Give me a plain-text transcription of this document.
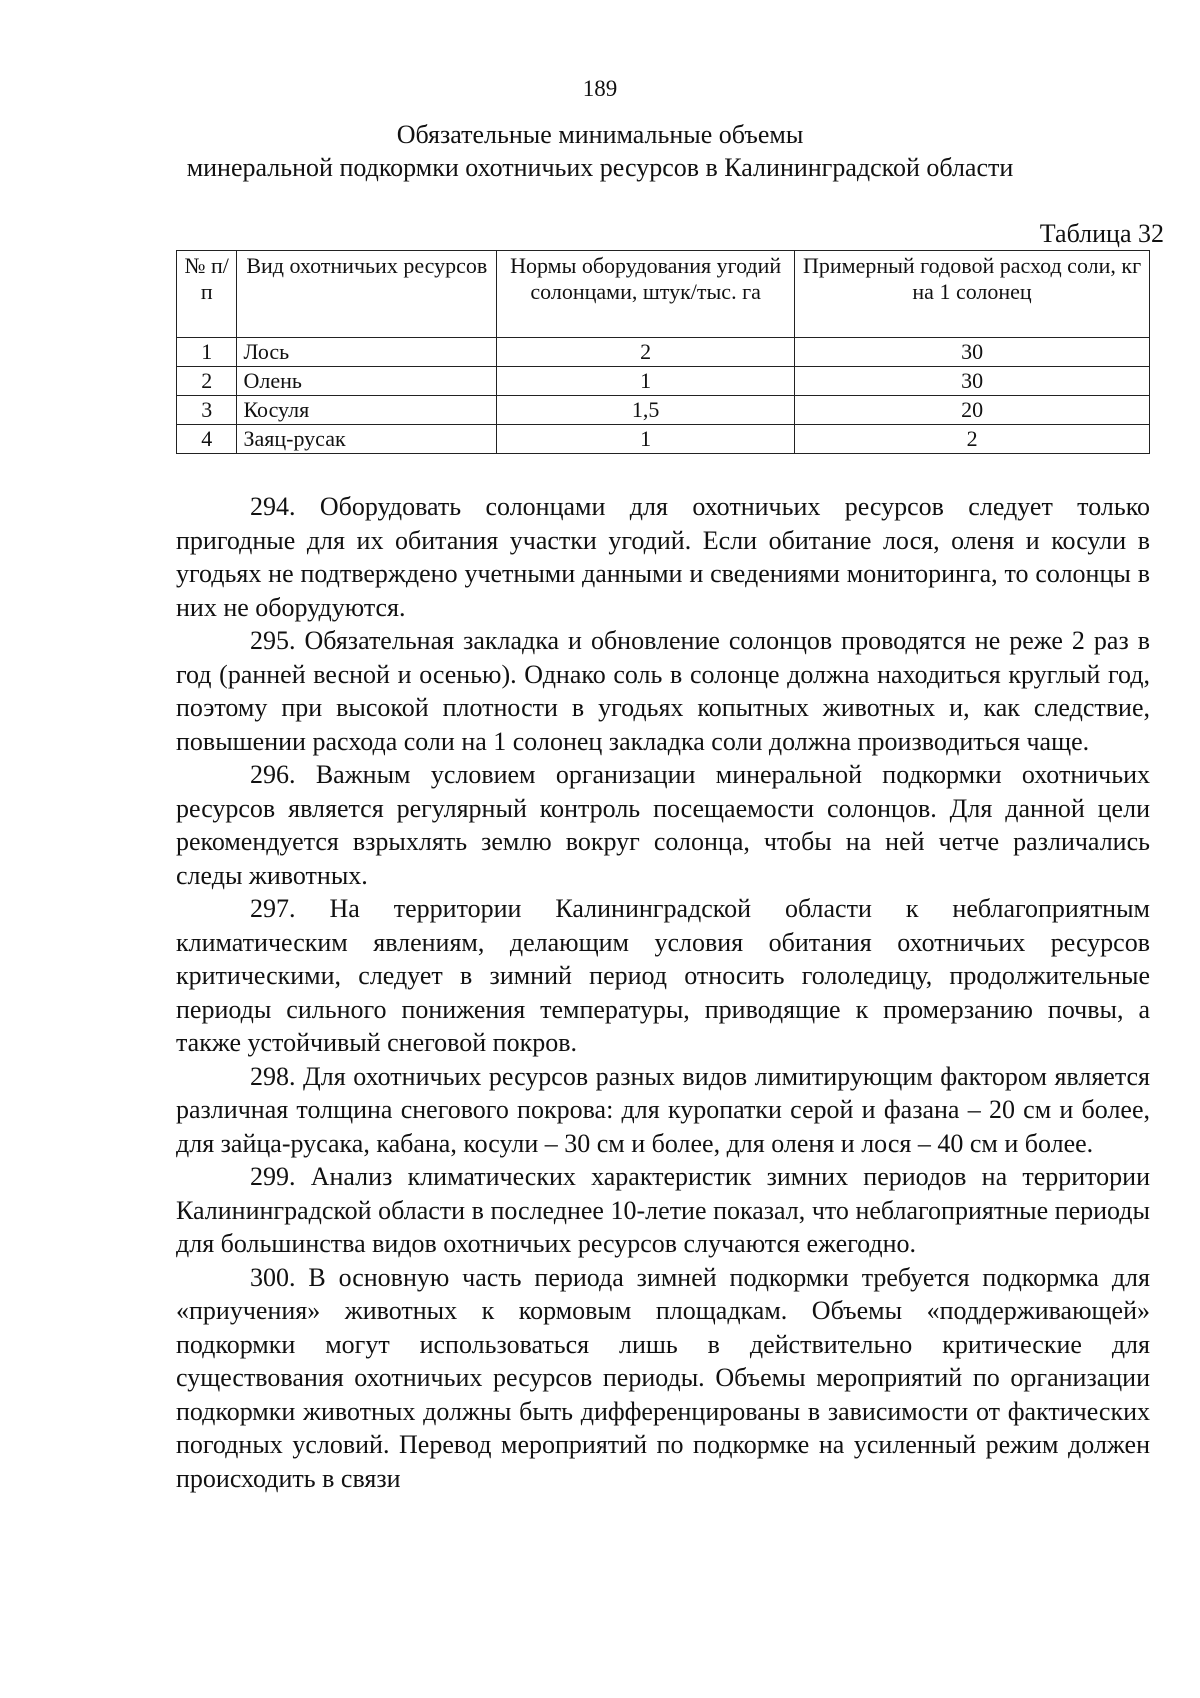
189
Обязательные минимальные объемы
минеральной подкормки охотничьих ресурсов в Калининградской области
Таблица 32
№ п/п	Вид охотничьих ресурсов	Нормы оборудования угодий солонцами, штук/тыс. га	Примерный годовой расход соли, кг на 1 солонец
1	Лось	2	30
2	Олень	1	30
3	Косуля	1,5	20
4	Заяц-русак	1	2

294. Оборудовать солонцами для охотничьих ресурсов следует только пригодные для их обитания участки угодий. Если обитание лося, оленя и косули в угодьях не подтверждено учетными данными и сведениями мониторинга, то солонцы в них не оборудуются.

295. Обязательная закладка и обновление солонцов проводятся не реже 2 раз в год (ранней весной и осенью). Однако соль в солонце должна находиться круглый год, поэтому при высокой плотности в угодьях копытных животных и, как следствие, повышении расхода соли на 1 солонец закладка соли должна производиться чаще.

296. Важным условием организации минеральной подкормки охотничьих ресурсов является регулярный контроль посещаемости солонцов. Для данной цели рекомендуется взрыхлять землю вокруг солонца, чтобы на ней четче различались следы животных.

297. На территории Калининградской области к неблагоприятным климатическим явлениям, делающим условия обитания охотничьих ресурсов критическими, следует в зимний период относить гололедицу, продолжительные периоды сильного понижения температуры, приводящие к промерзанию почвы, а также устойчивый снеговой покров.

298. Для охотничьих ресурсов разных видов лимитирующим фактором является различная толщина снегового покрова: для куропатки серой и фазана – 20 см и более, для зайца-русака, кабана, косули – 30 см и более, для оленя и лося – 40 см и более.

299. Анализ климатических характеристик зимних периодов на территории Калининградской области в последнее 10-летие показал, что неблагоприятные периоды для большинства видов охотничьих ресурсов случаются ежегодно.

300. В основную часть периода зимней подкормки требуется подкормка для «приучения» животных к кормовым площадкам. Объемы «поддерживающей» подкормки могут использоваться лишь в действительно критические для существования охотничьих ресурсов периоды. Объемы мероприятий по организации подкормки животных должны быть дифференцированы в зависимости от фактических погодных условий. Перевод мероприятий по подкормке на усиленный режим должен происходить в связи
